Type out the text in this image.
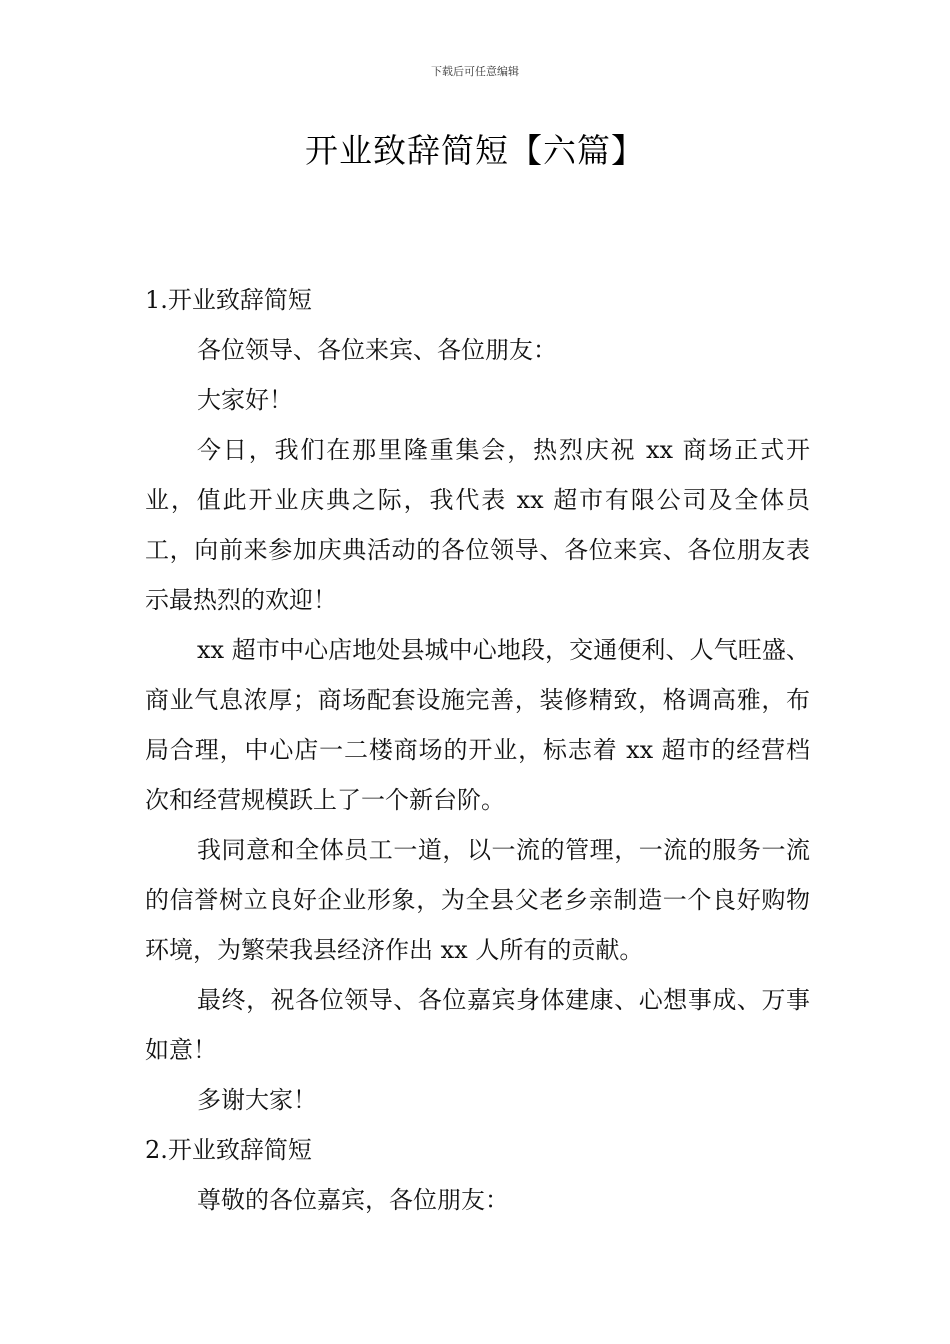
下载后可任意编辑
开业致辞简短【六篇】

1.开业致辞简短

各位领导、各位来宾、各位朋友：

大家好！

今日，我们在那里隆重集会，热烈庆祝 xx 商场正式开业，值此开业庆典之际，我代表 xx 超市有限公司及全体员工，向前来参加庆典活动的各位领导、各位来宾、各位朋友表示最热烈的欢迎！

xx 超市中心店地处县城中心地段，交通便利、人气旺盛、商业气息浓厚；商场配套设施完善，装修精致，格调高雅，布局合理，中心店一二楼商场的开业，标志着 xx 超市的经营档次和经营规模跃上了一个新台阶。

我同意和全体员工一道，以一流的管理，一流的服务一流的信誉树立良好企业形象，为全县父老乡亲制造一个良好购物环境，为繁荣我县经济作出 xx 人所有的贡献。

最终，祝各位领导、各位嘉宾身体建康、心想事成、万事如意！

多谢大家！

2.开业致辞简短

尊敬的各位嘉宾，各位朋友：
